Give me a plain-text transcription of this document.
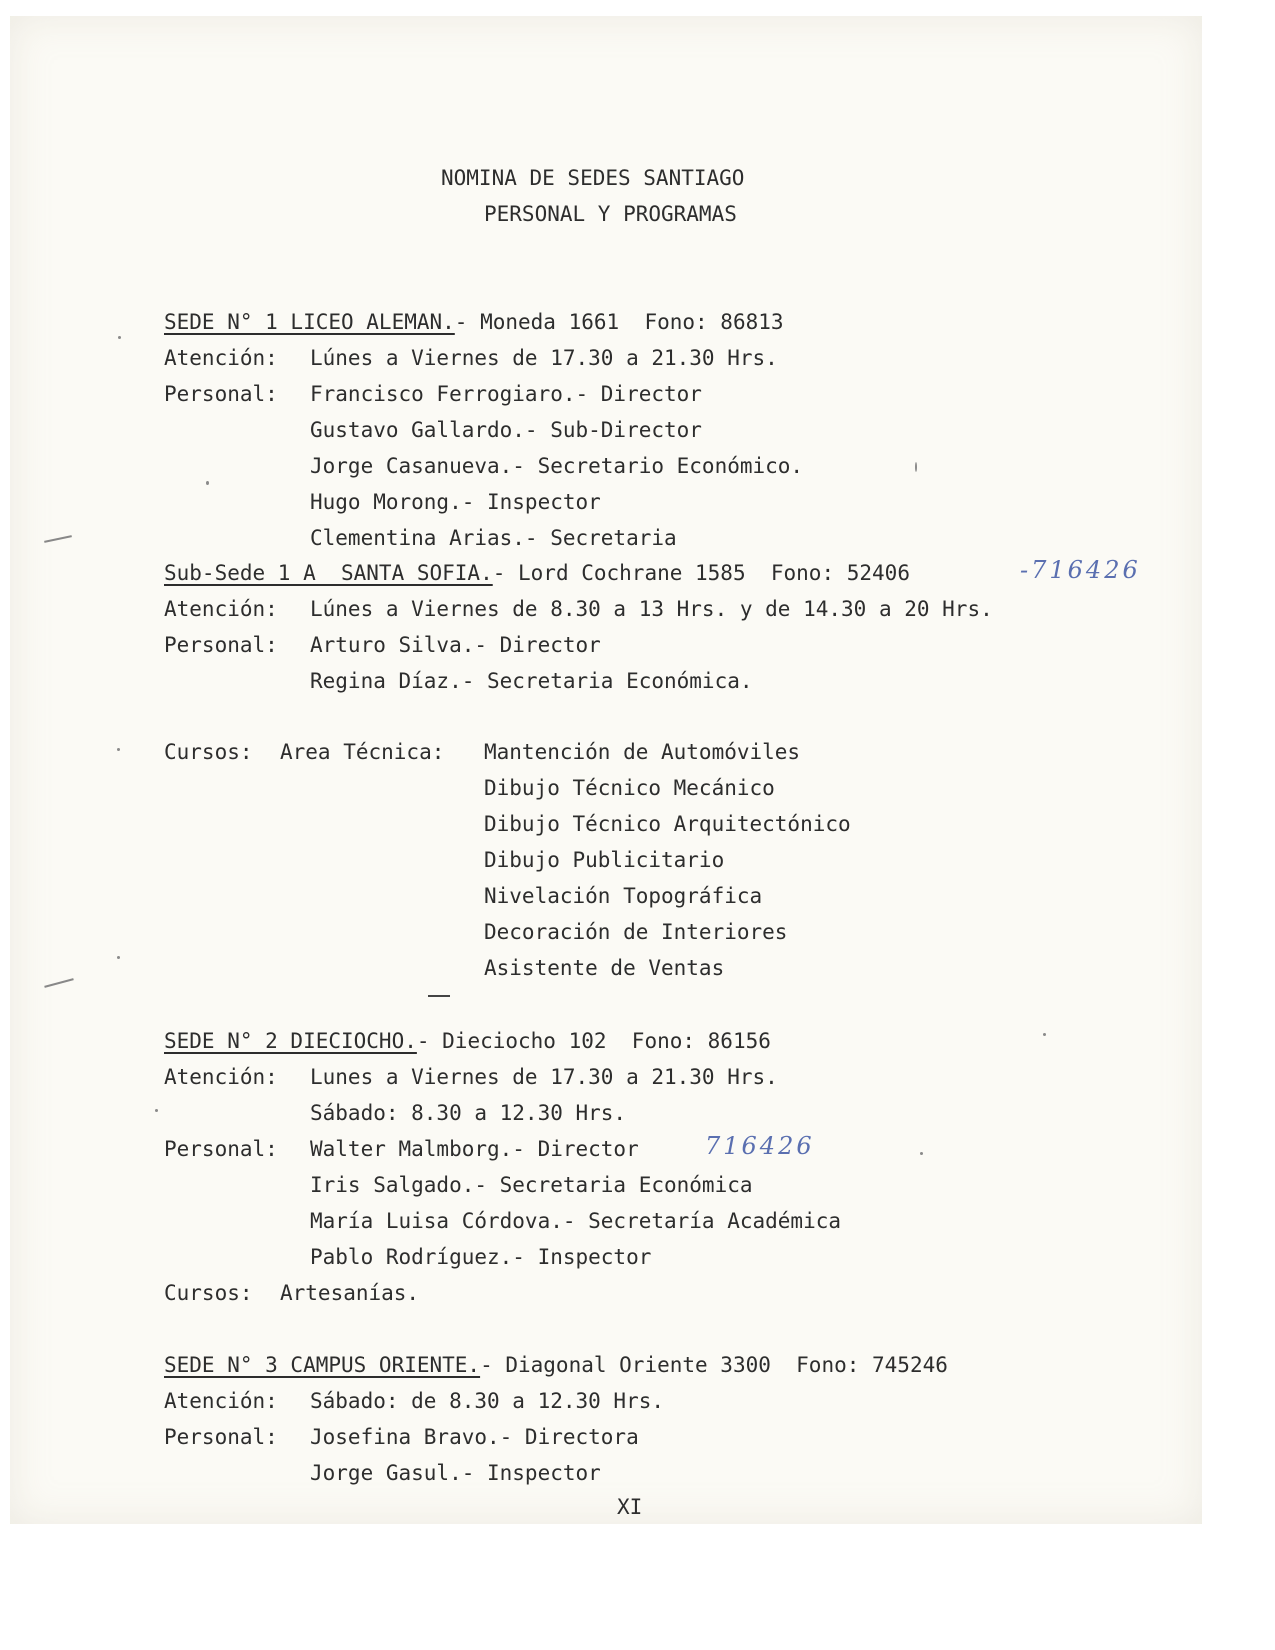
NOMINA DE SEDES SANTIAGO
PERSONAL Y PROGRAMAS
SEDE N° 1 LICEO ALEMAN.- Moneda 1661  Fono: 86813
Atención: Lúnes a Viernes de 17.30 a 21.30 Hrs.
Personal: Francisco Ferrogiaro.- Director
Gustavo Gallardo.- Sub-Director
Jorge Casanueva.- Secretario Económico.
Hugo Morong.- Inspector
Clementina Arias.- Secretaria
Sub-Sede 1 A  SANTA SOFIA.- Lord Cochrane 1585  Fono: 52406	-716426
Atención: Lúnes a Viernes de 8.30 a 13 Hrs. y de 14.30 a 20 Hrs.
Personal: Arturo Silva.- Director
Regina Díaz.- Secretaria Económica.
Cursos: Area Técnica: Mantención de Automóviles
Dibujo Técnico Mecánico
Dibujo Técnico Arquitectónico
Dibujo Publicitario
Nivelación Topográfica
Decoración de Interiores
Asistente de Ventas
SEDE N° 2 DIECIOCHO.- Dieciocho 102  Fono: 86156
Atención: Lunes a Viernes de 17.30 a 21.30 Hrs.
Sábado: 8.30 a 12.30 Hrs.
Personal: Walter Malmborg.- Director	716426
Iris Salgado.- Secretaria Económica
María Luisa Córdova.- Secretaría Académica
Pablo Rodríguez.- Inspector
Cursos: Artesanías.
SEDE N° 3 CAMPUS ORIENTE.- Diagonal Oriente 3300  Fono: 745246
Atención: Sábado: de 8.30 a 12.30 Hrs.
Personal: Josefina Bravo.- Directora
Jorge Gasul.- Inspector
XI
